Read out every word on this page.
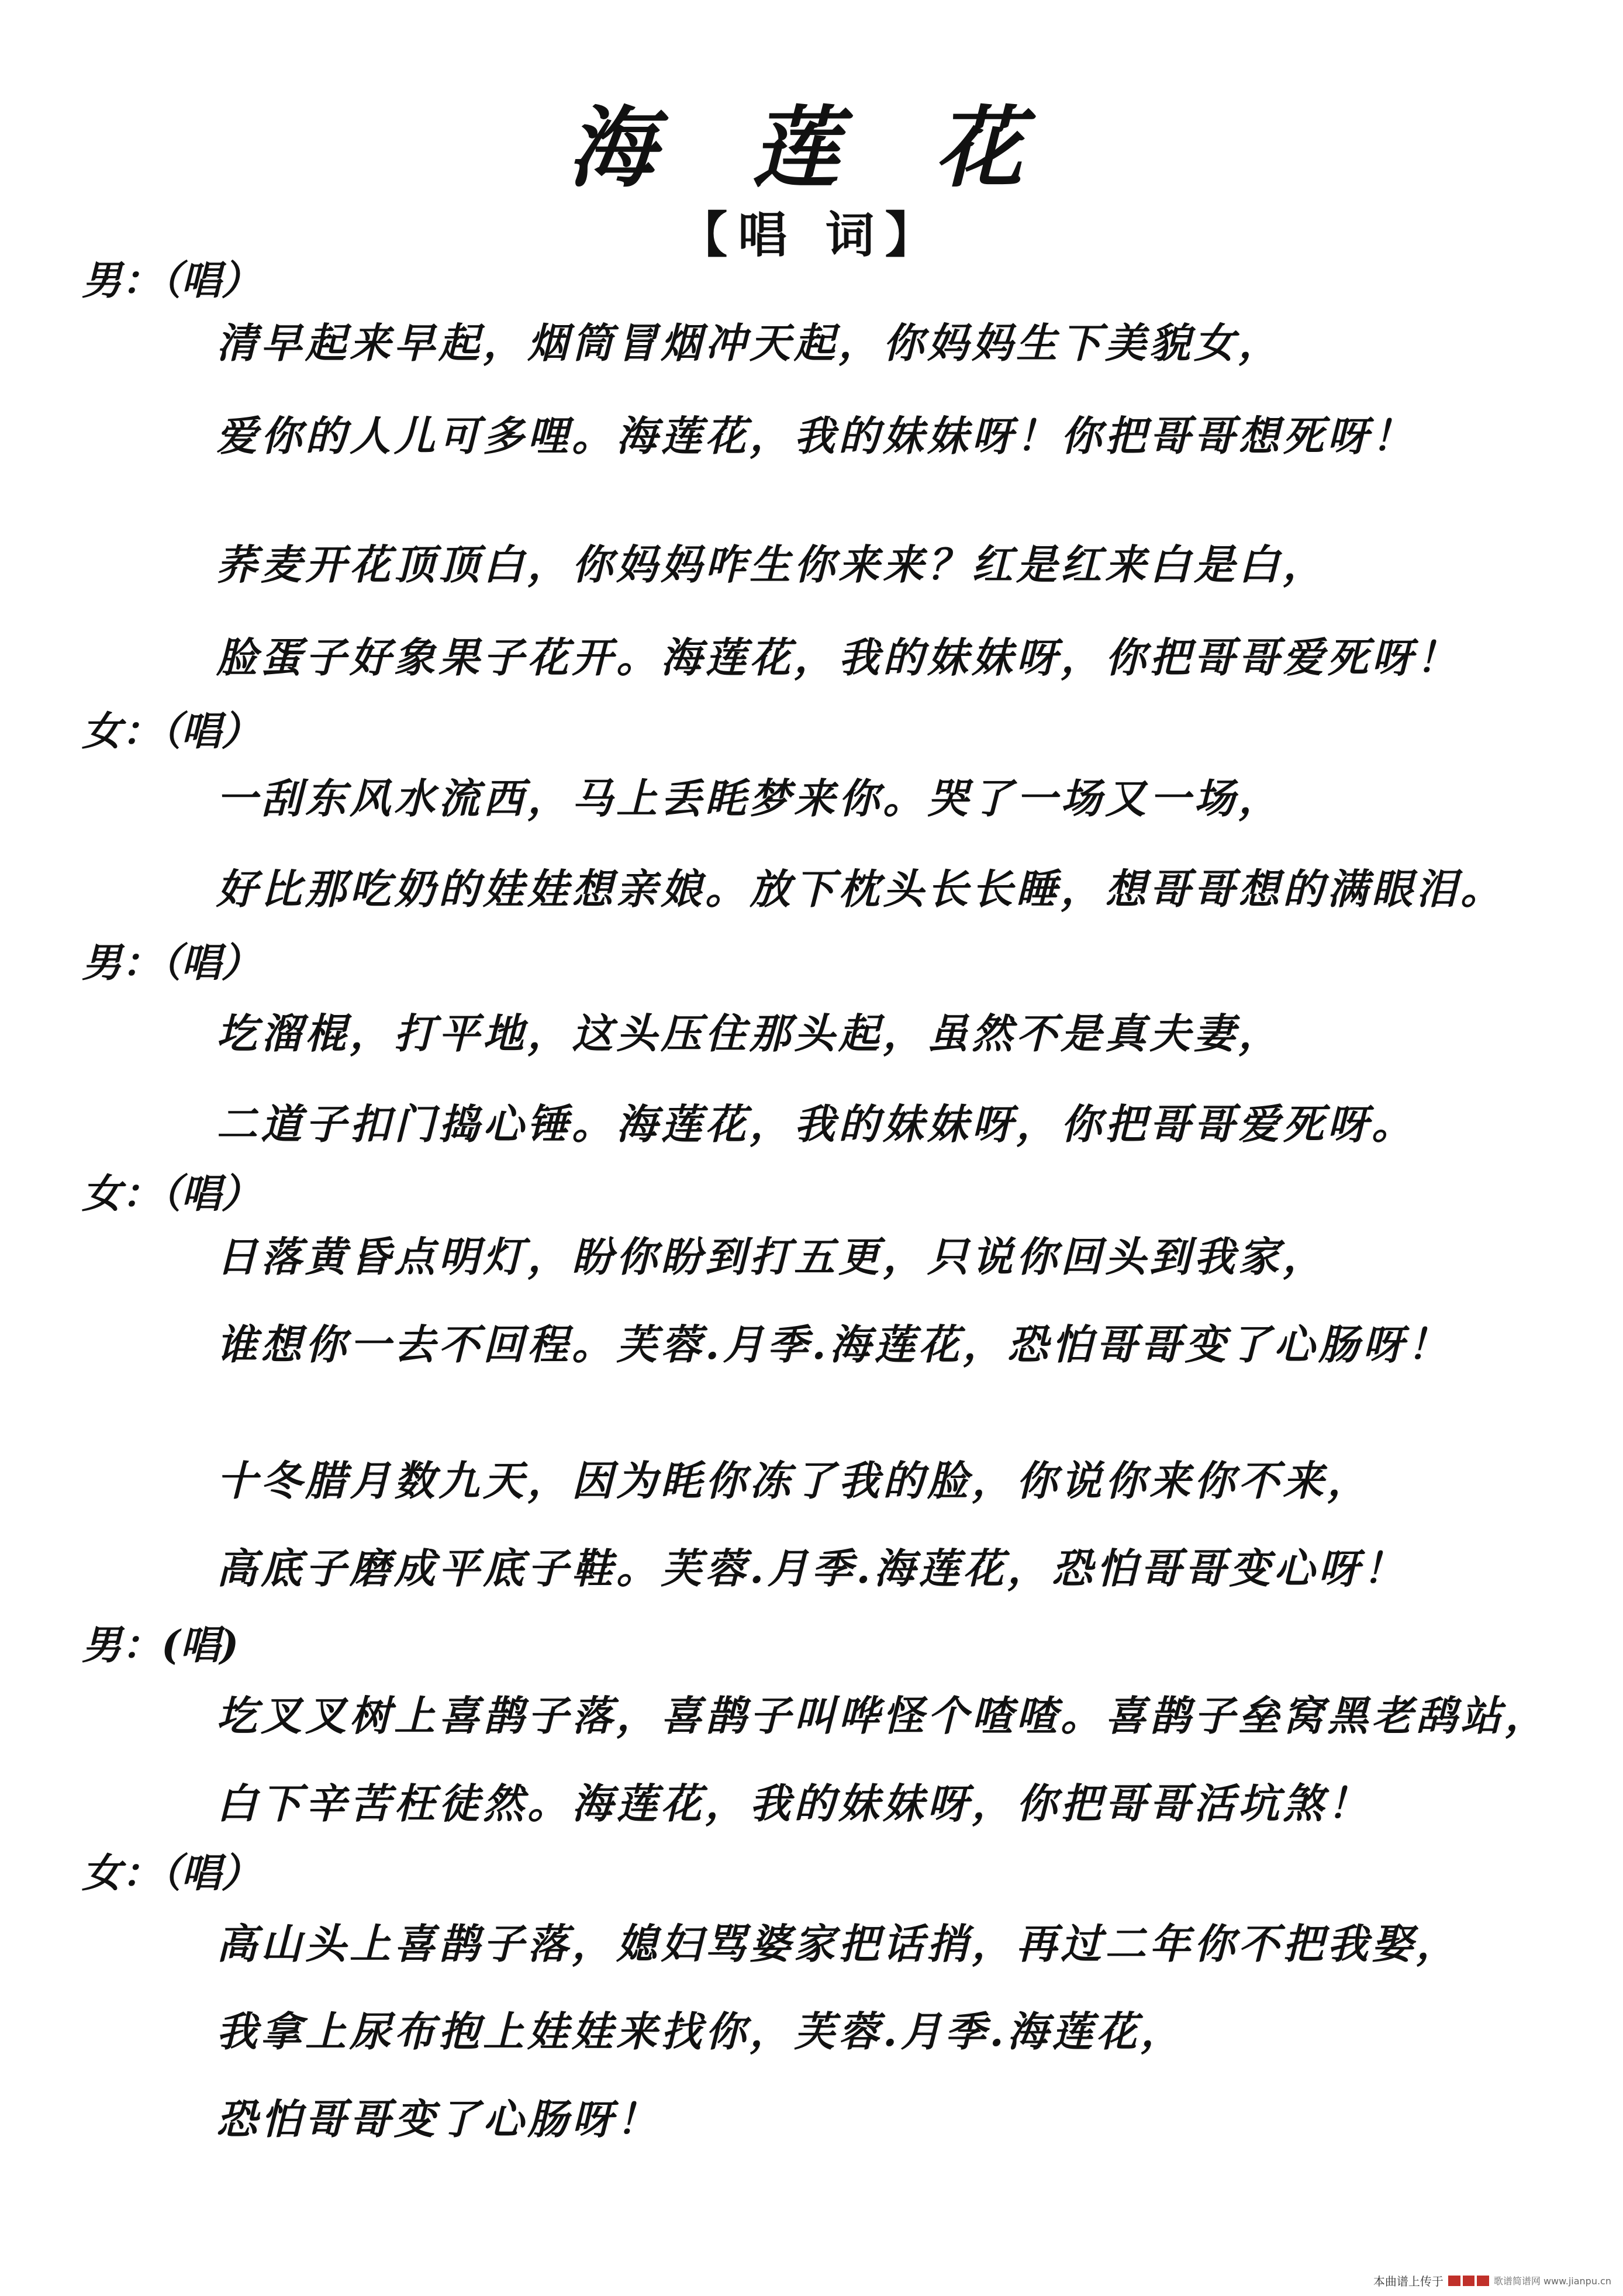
海 莲 花
【唱 词】
男：（唱）
清早起来早起，烟筒冒烟冲天起，你妈妈生下美貌女，
爱你的人儿可多哩。海莲花，我的妹妹呀！你把哥哥想死呀！
荞麦开花顶顶白，你妈妈咋生你来来？红是红来白是白，
脸蛋子好象果子花开。海莲花，我的妹妹呀，你把哥哥爱死呀！
女：（唱）
一刮东风水流西，马上丢眊梦来你。哭了一场又一场，
好比那吃奶的娃娃想亲娘。放下枕头长长睡，想哥哥想的满眼泪。
男：（唱）
圪溜棍，打平地，这头压住那头起，虽然不是真夫妻，
二道子扣门捣心锤。海莲花，我的妹妹呀，你把哥哥爱死呀。
女：（唱）
日落黄昏点明灯，盼你盼到打五更，只说你回头到我家，
谁想你一去不回程。芙蓉.月季.海莲花，恐怕哥哥变了心肠呀！
十冬腊月数九天，因为眊你冻了我的脸，你说你来你不来，
高底子磨成平底子鞋。芙蓉.月季.海莲花，恐怕哥哥变心呀！
男：(唱)
圪叉叉树上喜鹊子落，喜鹊子叫哗怪个喳喳。喜鹊子垒窝黑老鸹站，
白下辛苦枉徒然。海莲花，我的妹妹呀，你把哥哥活坑煞！
女：（唱）
高山头上喜鹊子落，媳妇骂婆家把话捎，再过二年你不把我娶，
我拿上尿布抱上娃娃来找你，芙蓉.月季.海莲花，
恐怕哥哥变了心肠呀！
本曲谱上传于	歌谱简谱网 www.jianpu.cn
